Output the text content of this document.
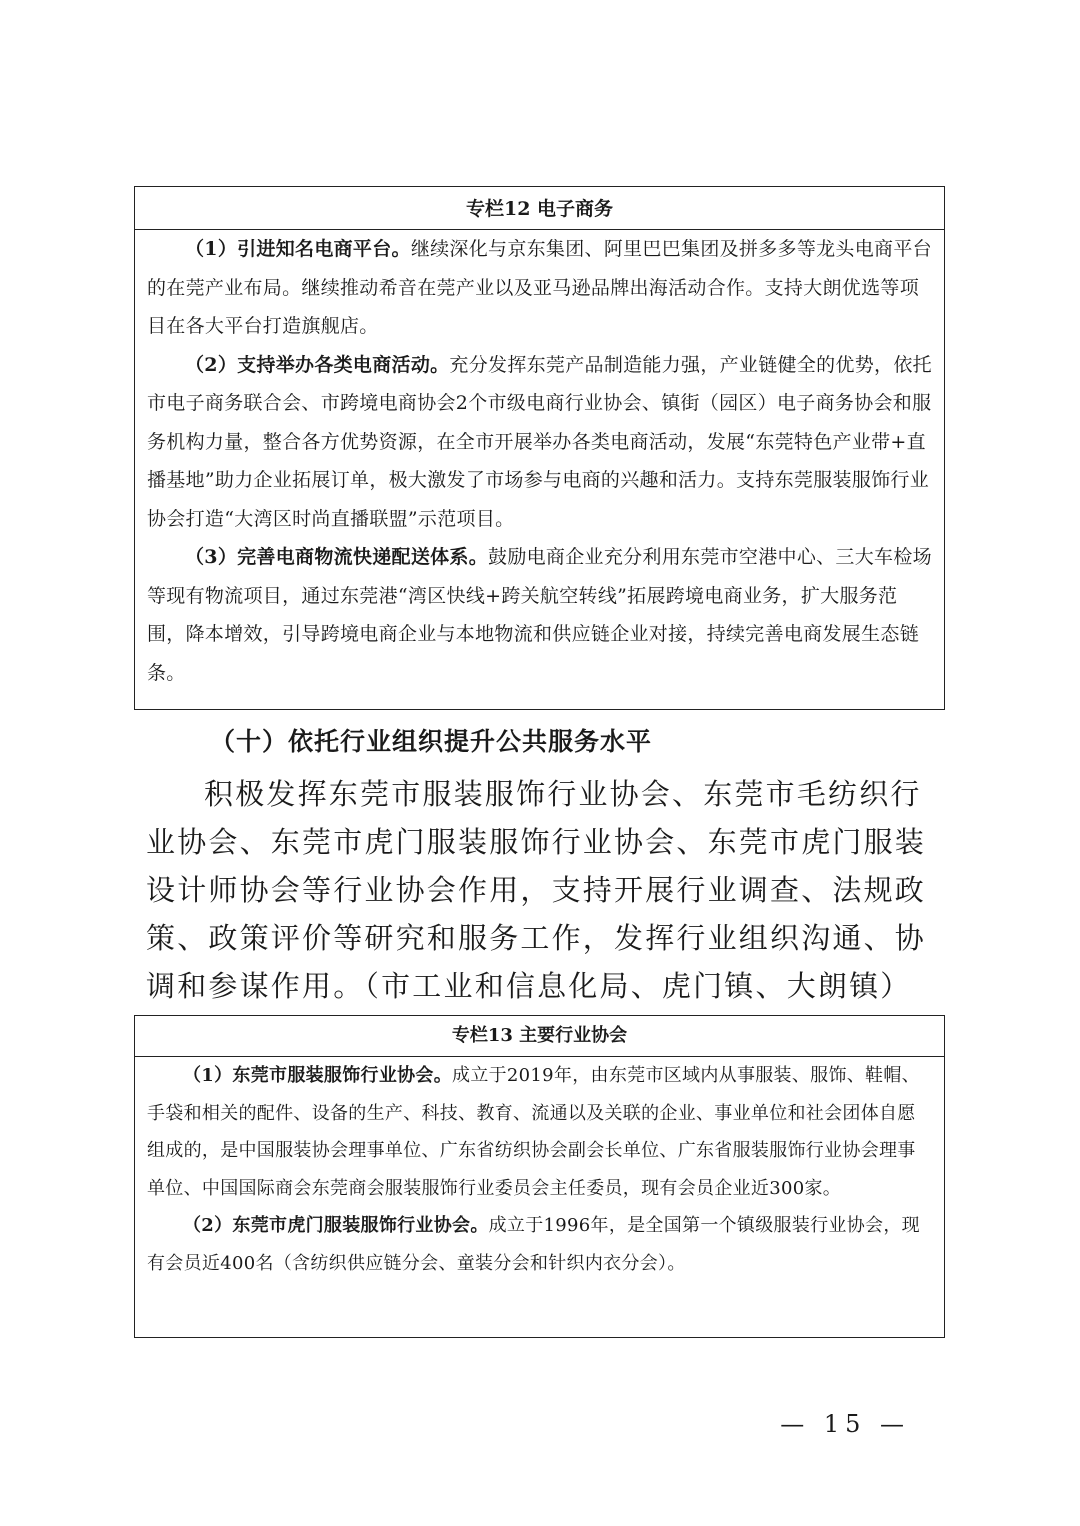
专栏12 电子商务

（1）引进知名电商平台。继续深化与京东集团、阿里巴巴集团及拼多多等龙头电商平台的在莞产业布局。继续推动希音在莞产业以及亚马逊品牌出海活动合作。支持大朗优选等项目在各大平台打造旗舰店。

（2）支持举办各类电商活动。充分发挥东莞产品制造能力强，产业链健全的优势，依托市电子商务联合会、市跨境电商协会2个市级电商行业协会、镇街（园区）电子商务协会和服务机构力量，整合各方优势资源，在全市开展举办各类电商活动，发展“东莞特色产业带+直播基地”助力企业拓展订单，极大激发了市场参与电商的兴趣和活力。支持东莞服装服饰行业协会打造“大湾区时尚直播联盟”示范项目。

（3）完善电商物流快递配送体系。鼓励电商企业充分利用东莞市空港中心、三大车检场等现有物流项目，通过东莞港“湾区快线+跨关航空转线”拓展跨境电商业务，扩大服务范围，降本增效，引导跨境电商企业与本地物流和供应链企业对接，持续完善电商发展生态链条。

（十）依托行业组织提升公共服务水平

积极发挥东莞市服装服饰行业协会、东莞市毛纺织行业协会、东莞市虎门服装服饰行业协会、东莞市虎门服装设计师协会等行业协会作用，支持开展行业调查、法规政策、政策评价等研究和服务工作，发挥行业组织沟通、协调和参谋作用。（市工业和信息化局、虎门镇、大朗镇）

专栏13 主要行业协会

（1）东莞市服装服饰行业协会。成立于2019年，由东莞市区域内从事服装、服饰、鞋帽、手袋和相关的配件、设备的生产、科技、教育、流通以及关联的企业、事业单位和社会团体自愿组成的，是中国服装协会理事单位、广东省纺织协会副会长单位、广东省服装服饰行业协会理事单位、中国国际商会东莞商会服装服饰行业委员会主任委员，现有会员企业近300家。

（2）东莞市虎门服装服饰行业协会。成立于1996年，是全国第一个镇级服装行业协会，现有会员近400名（含纺织供应链分会、童装分会和针织内衣分会）。

— 15 —
